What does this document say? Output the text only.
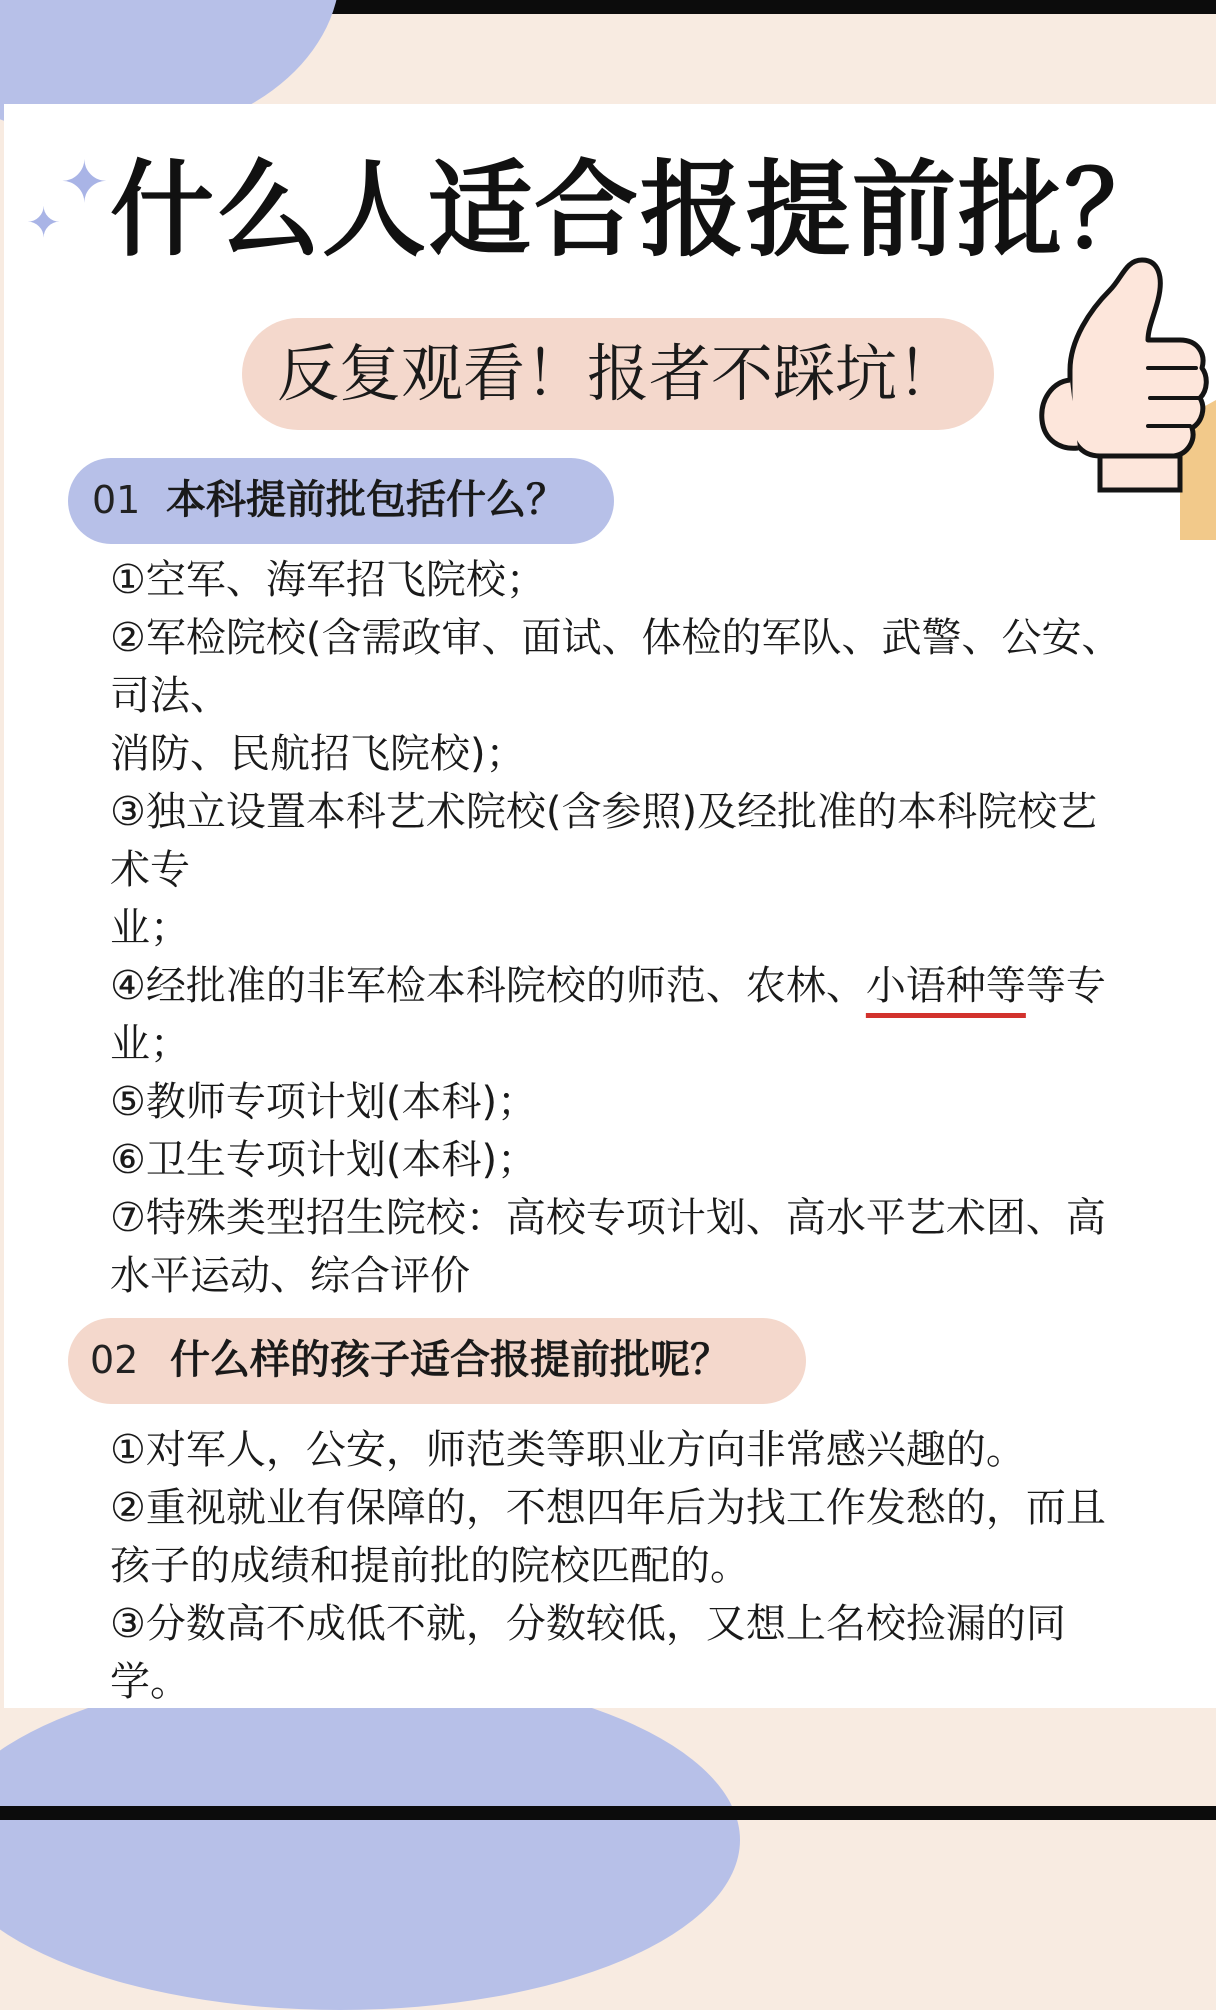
✦
✦ 什么人适合报提前批？
反复观看！报者不踩坑！
01 本科提前批包括什么？
①空军、海军招飞院校；
②军检院校(含需政审、面试、体检的军队、武警、公安、
司法、
消防、民航招飞院校)；
③独立设置本科艺术院校(含参照)及经批准的本科院校艺
术专
业；
④经批准的非军检本科院校的师范、农林、小语种等等专
业；
⑤教师专项计划(本科)；
⑥卫生专项计划(本科)；
⑦特殊类型招生院校：高校专项计划、高水平艺术团、高
水平运动、综合评价
02 什么样的孩子适合报提前批呢？
①对军人，公安，师范类等职业方向非常感兴趣的。
②重视就业有保障的，不想四年后为找工作发愁的，而且
孩子的成绩和提前批的院校匹配的。
③分数高不成低不就，分数较低，又想上名校捡漏的同
学。
